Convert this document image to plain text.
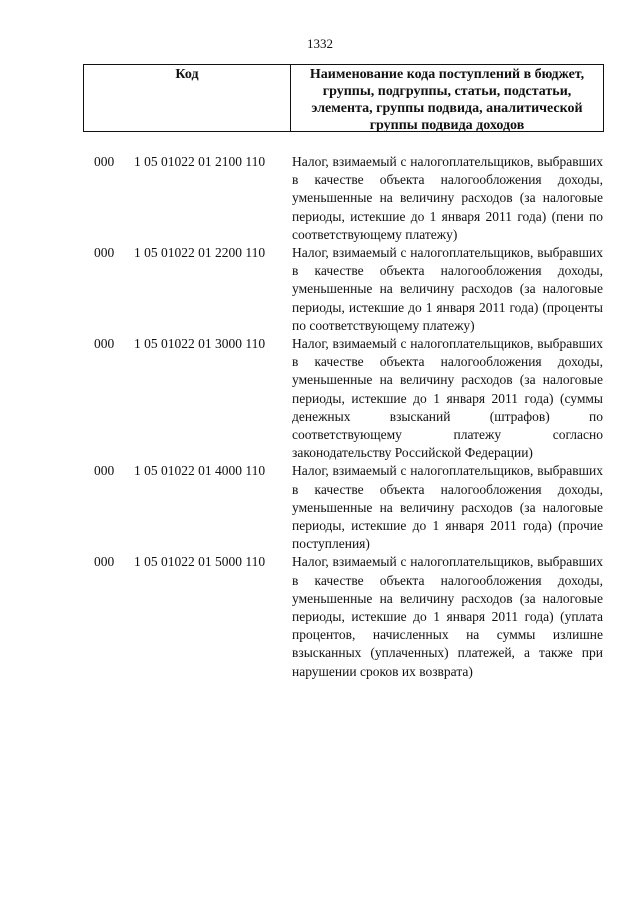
1332
Код	Наименование кода поступлений в бюджет, группы, подгруппы, статьи, подстатьи, элемента, группы подвида, аналитической группы подвида доходов
000 1 05 01022 01 2100 110 Налог, взимаемый с налогоплательщиков, выбравших в качестве объекта налогообложения доходы, уменьшенные на величину расходов (за налоговые периоды, истекшие до 1 января 2011 года) (пени по соответствующему платежу)
000 1 05 01022 01 2200 110 Налог, взимаемый с налогоплательщиков, выбравших в качестве объекта налогообложения доходы, уменьшенные на величину расходов (за налоговые периоды, истекшие до 1 января 2011 года) (проценты по соответствующему платежу)
000 1 05 01022 01 3000 110 Налог, взимаемый с налогоплательщиков, выбравших в качестве объекта налогообложения доходы, уменьшенные на величину расходов (за налоговые периоды, истекшие до 1 января 2011 года) (суммы денежных взысканий (штрафов) по соответствующему платежу согласно законодательству Российской Федерации)
000 1 05 01022 01 4000 110 Налог, взимаемый с налогоплательщиков, выбравших в качестве объекта налогообложения доходы, уменьшенные на величину расходов (за налоговые периоды, истекшие до 1 января 2011 года) (прочие поступления)
000 1 05 01022 01 5000 110 Налог, взимаемый с налогоплательщиков, выбравших в качестве объекта налогообложения доходы, уменьшенные на величину расходов (за налоговые периоды, истекшие до 1 января 2011 года) (уплата процентов, начисленных на суммы излишне взысканных (уплаченных) платежей, а также при нарушении сроков их возврата)
